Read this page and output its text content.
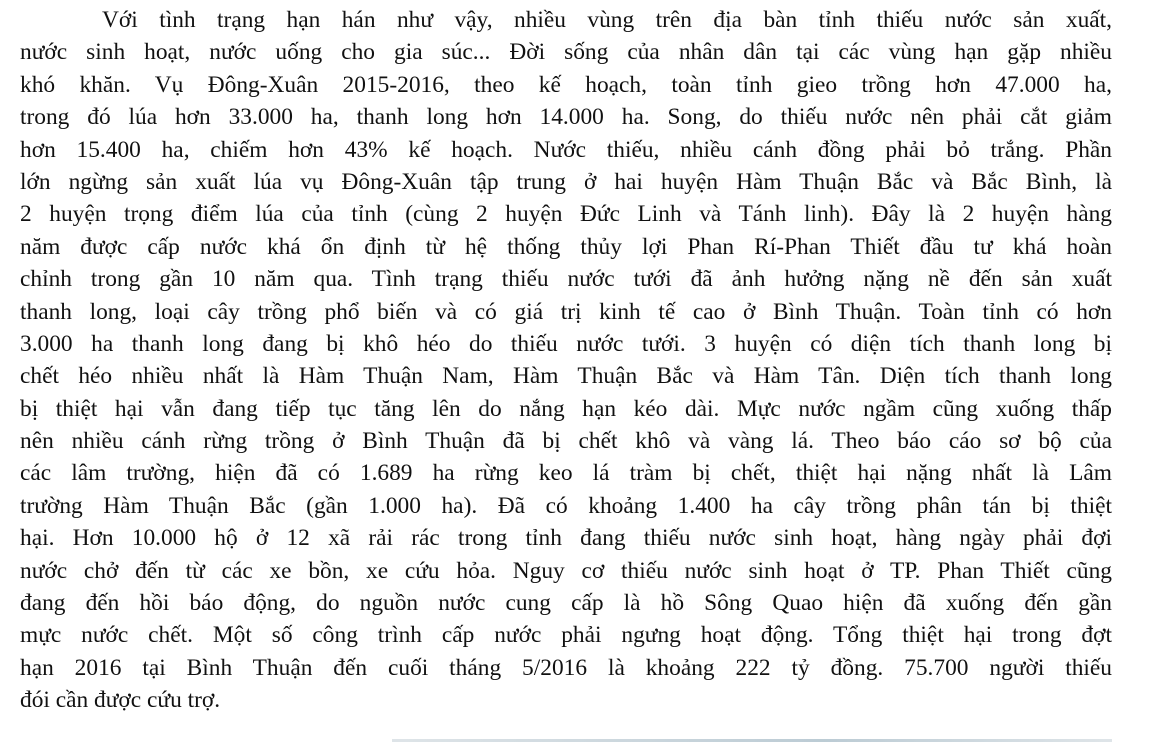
Với tình trạng hạn hán như vậy, nhiều vùng trên địa bàn tỉnh thiếu nước sản xuất,
nước sinh hoạt, nước uống cho gia súc... Đời sống của nhân dân tại các vùng hạn gặp nhiều
khó khăn. Vụ Đông-Xuân 2015-2016, theo kế hoạch, toàn tỉnh gieo trồng hơn 47.000 ha,
trong đó lúa hơn 33.000 ha, thanh long hơn 14.000 ha. Song, do thiếu nước nên phải cắt giảm
hơn 15.400 ha, chiếm hơn 43% kế hoạch. Nước thiếu, nhiều cánh đồng phải bỏ trắng. Phần
lớn ngừng sản xuất lúa vụ Đông-Xuân tập trung ở hai huyện Hàm Thuận Bắc và Bắc Bình, là
2 huyện trọng điểm lúa của tỉnh (cùng 2 huyện Đức Linh và Tánh linh). Đây là 2 huyện hàng
năm được cấp nước khá ổn định từ hệ thống thủy lợi Phan Rí-Phan Thiết đầu tư khá hoàn
chỉnh trong gần 10 năm qua. Tình trạng thiếu nước tưới đã ảnh hưởng nặng nề đến sản xuất
thanh long, loại cây trồng phổ biến và có giá trị kinh tế cao ở Bình Thuận. Toàn tỉnh có hơn
3.000 ha thanh long đang bị khô héo do thiếu nước tưới. 3 huyện có diện tích thanh long bị
chết héo nhiều nhất là Hàm Thuận Nam, Hàm Thuận Bắc và Hàm Tân. Diện tích thanh long
bị thiệt hại vẫn đang tiếp tục tăng lên do nắng hạn kéo dài. Mực nước ngầm cũng xuống thấp
nên nhiều cánh rừng trồng ở Bình Thuận đã bị chết khô và vàng lá. Theo báo cáo sơ bộ của
các lâm trường, hiện đã có 1.689 ha rừng keo lá tràm bị chết, thiệt hại nặng nhất là Lâm
trường Hàm Thuận Bắc (gần 1.000 ha). Đã có khoảng 1.400 ha cây trồng phân tán bị thiệt
hại. Hơn 10.000 hộ ở 12 xã rải rác trong tỉnh đang thiếu nước sinh hoạt, hàng ngày phải đợi
nước chở đến từ các xe bồn, xe cứu hỏa. Nguy cơ thiếu nước sinh hoạt ở TP. Phan Thiết cũng
đang đến hồi báo động, do nguồn nước cung cấp là hồ Sông Quao hiện đã xuống đến gần
mực nước chết. Một số công trình cấp nước phải ngưng hoạt động. Tổng thiệt hại trong đợt
hạn 2016 tại Bình Thuận đến cuối tháng 5/2016 là khoảng 222 tỷ đồng. 75.700 người thiếu
đói cần được cứu trợ.
